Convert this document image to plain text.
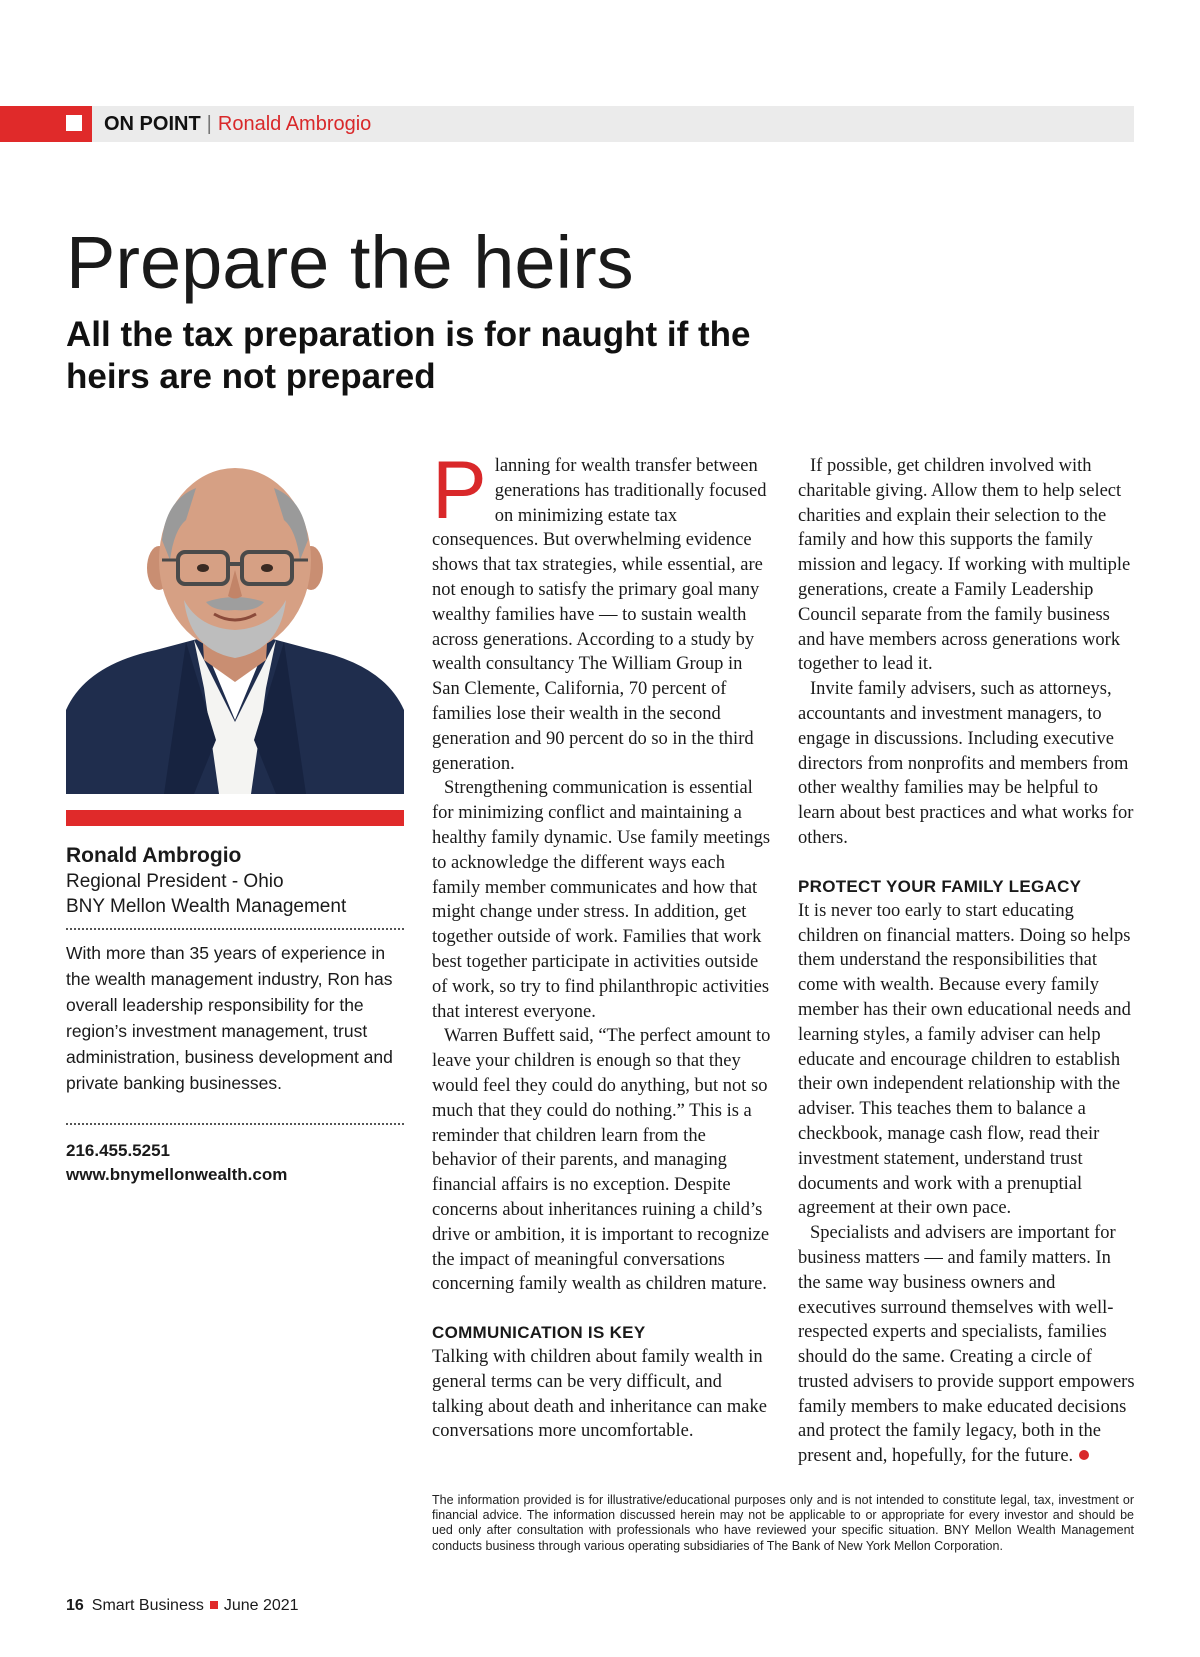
ON POINT | Ronald Ambrogio
Prepare the heirs
All the tax preparation is for naught if the heirs are not prepared
Ronald Ambrogio
Regional President - Ohio
BNY Mellon Wealth Management

With more than 35 years of experience in the wealth management industry, Ron has overall leadership responsibility for the region’s investment management, trust administration, business development and private banking businesses.

216.455.5251
www.bnymellonwealth.com

Planning for wealth transfer between generations has traditionally focused on minimizing estate tax consequences. But overwhelming evidence shows that tax strategies, while essential, are not enough to satisfy the primary goal many wealthy families have — to sustain wealth across generations. According to a study by wealth consultancy The William Group in San Clemente, California, 70 percent of families lose their wealth in the second generation and 90 percent do so in the third generation.

Strengthening communication is essential for minimizing conflict and maintaining a healthy family dynamic. Use family meetings to acknowledge the different ways each family member communicates and how that might change under stress. In addition, get together outside of work. Families that work best together participate in activities outside of work, so try to find philanthropic activities that interest everyone.

Warren Buffett said, “The perfect amount to leave your children is enough so that they would feel they could do anything, but not so much that they could do nothing.” This is a reminder that children learn from the behavior of their parents, and managing financial affairs is no exception. Despite concerns about inheritances ruining a child’s drive or ambition, it is important to recognize the impact of meaningful conversations concerning family wealth as children mature.

COMMUNICATION IS KEY

Talking with children about family wealth in general terms can be very difficult, and talking about death and inheritance can make conversations more uncomfortable.

If possible, get children involved with charitable giving. Allow them to help select charities and explain their selection to the family and how this supports the family mission and legacy. If working with multiple generations, create a Family Leadership Council separate from the family business and have members across generations work together to lead it.

Invite family advisers, such as attorneys, accountants and investment managers, to engage in discussions. Including executive directors from nonprofits and members from other wealthy families may be helpful to learn about best practices and what works for others.

PROTECT YOUR FAMILY LEGACY

It is never too early to start educating children on financial matters. Doing so helps them understand the responsibilities that come with wealth. Because every family member has their own educational needs and learning styles, a family adviser can help educate and encourage children to establish their own independent relationship with the adviser. This teaches them to balance a checkbook, manage cash flow, read their investment statement, understand trust documents and work with a prenuptial agreement at their own pace.

Specialists and advisers are important for business matters — and family matters. In the same way business owners and executives surround themselves with well-respected experts and specialists, families should do the same. Creating a circle of trusted advisers to provide support empowers family members to make educated decisions and protect the family legacy, both in the present and, hopefully, for the future.

The information provided is for illustrative/educational purposes only and is not intended to constitute legal, tax, investment or financial advice. The information discussed herein may not be applicable to or appropriate for every investor and should be ued only after consultation with professionals who have reviewed your specific situation. BNY Mellon Wealth Management conducts business through various operating subsidiaries of The Bank of New York Mellon Corporation.

16 Smart Business June 2021
